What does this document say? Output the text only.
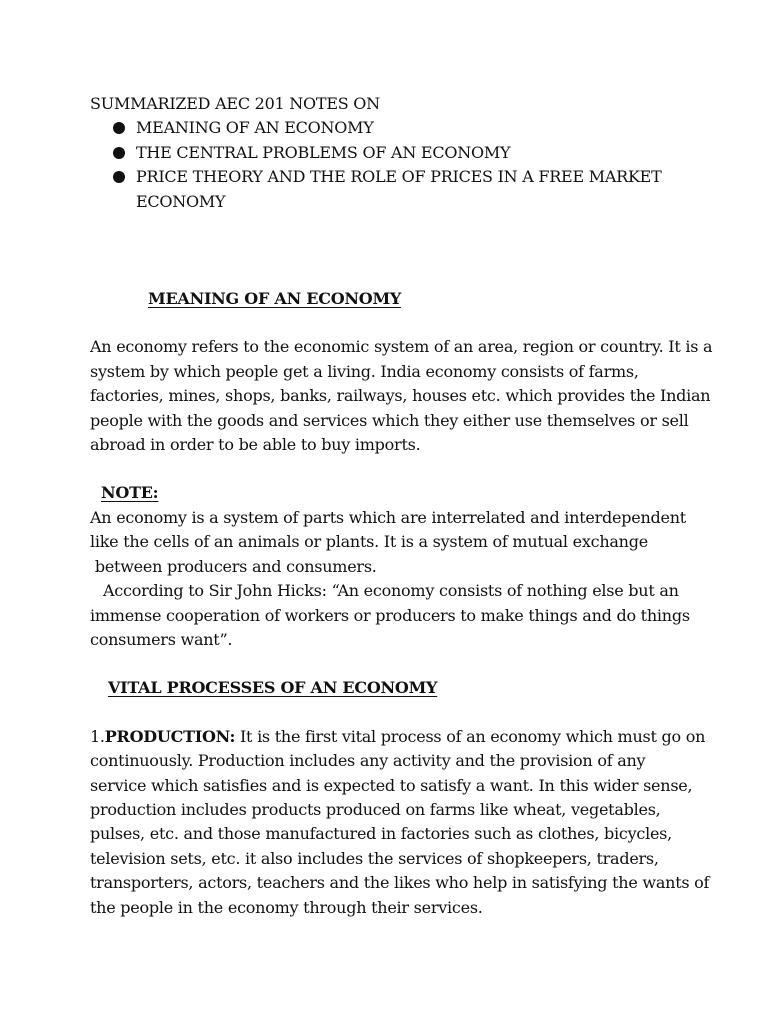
SUMMARIZED AEC 201 NOTES ON

MEANING OF AN ECONOMY
THE CENTRAL PROBLEMS OF AN ECONOMY
PRICE THEORY AND THE ROLE OF PRICES IN A FREE MARKET
ECONOMY

MEANING OF AN ECONOMY

An economy refers to the economic system of an area, region or country. It is a
system by which people get a living. India economy consists of farms,
factories, mines, shops, banks, railways, houses etc. which provides the Indian
people with the goods and services which they either use themselves or sell
abroad in order to be able to buy imports.

NOTE:

An economy is a system of parts which are interrelated and interdependent
like the cells of an animals or plants. It is a system of mutual exchange
between producers and consumers.

According to Sir John Hicks: “An economy consists of nothing else but an
immense cooperation of workers or producers to make things and do things
consumers want”.

VITAL PROCESSES OF AN ECONOMY

1.PRODUCTION: It is the first vital process of an economy which must go on
continuously. Production includes any activity and the provision of any
service which satisfies and is expected to satisfy a want. In this wider sense,
production includes products produced on farms like wheat, vegetables,
pulses, etc. and those manufactured in factories such as clothes, bicycles,
television sets, etc. it also includes the services of shopkeepers, traders,
transporters, actors, teachers and the likes who help in satisfying the wants of
the people in the economy through their services.
